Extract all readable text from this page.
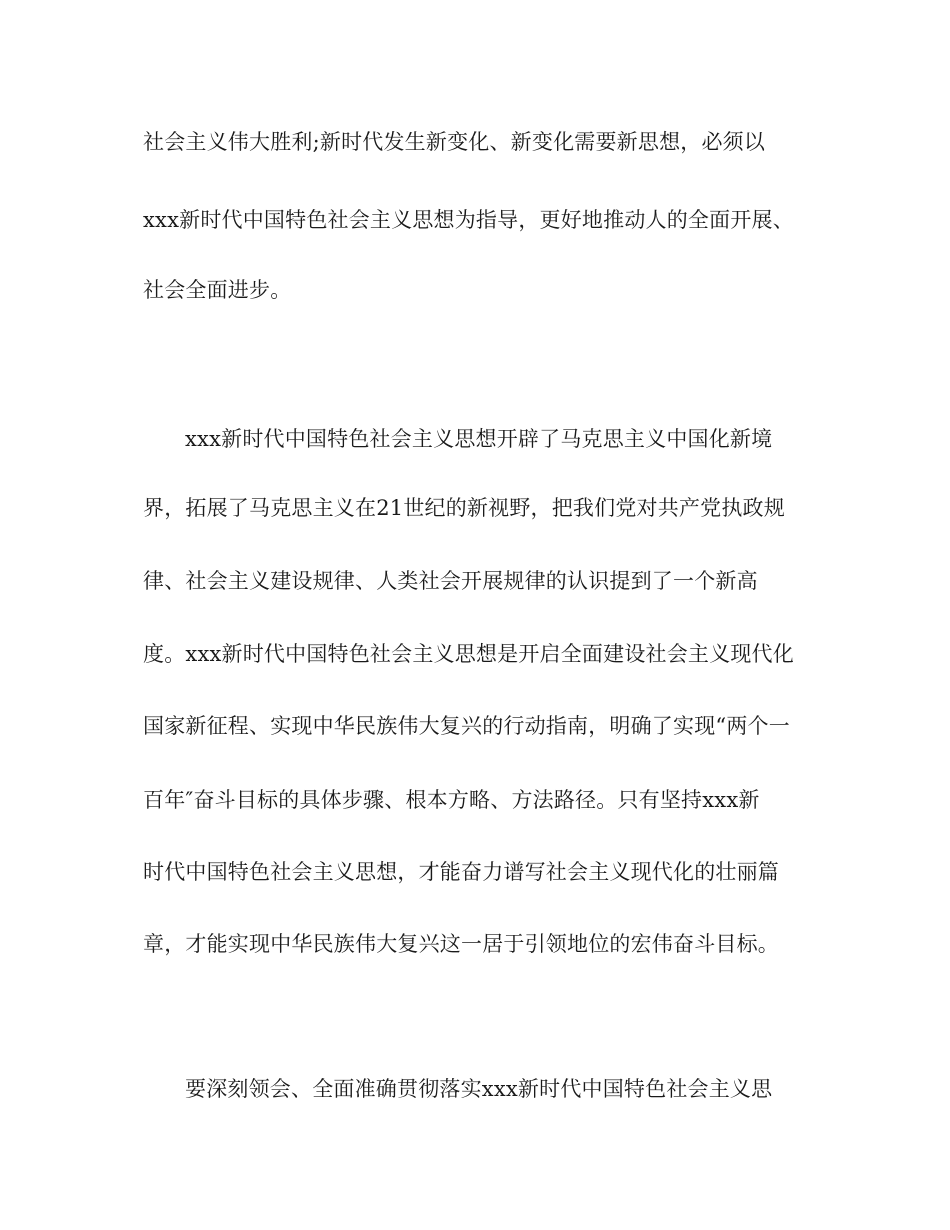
社会主义伟大胜利;新时代发生新变化、新变化需要新思想，必须以
xxx新时代中国特色社会主义思想为指导，更好地推动人的全面开展、
社会全面进步。
xxx新时代中国特色社会主义思想开辟了马克思主义中国化新境
界，拓展了马克思主义在21世纪的新视野，把我们党对共产党执政规
律、社会主义建设规律、人类社会开展规律的认识提到了一个新高
度。xxx新时代中国特色社会主义思想是开启全面建设社会主义现代化
国家新征程、实现中华民族伟大复兴的行动指南，明确了实现“两个一
百年″奋斗目标的具体步骤、根本方略、方法路径。只有坚持xxx新
时代中国特色社会主义思想，才能奋力谱写社会主义现代化的壮丽篇
章，才能实现中华民族伟大复兴这一居于引领地位的宏伟奋斗目标。
要深刻领会、全面准确贯彻落实xxx新时代中国特色社会主义思
